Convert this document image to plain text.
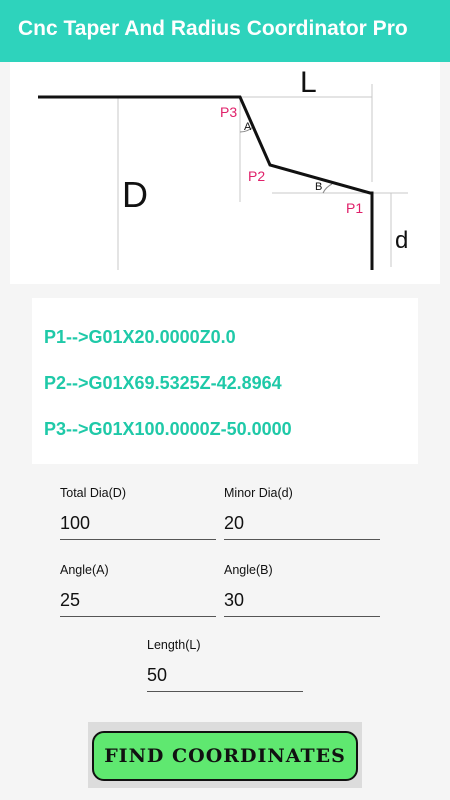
Cnc Taper And Radius Coordinator Pro
L
D
d
P3
P2
P1
A
B
P1-->G01X20.0000Z0.0
P2-->G01X69.5325Z-42.8964
P3-->G01X100.0000Z-50.0000
Total Dia(D)
100	Minor Dia(d)
20
Angle(A)
25	Angle(B)
30
Length(L)
50
FIND COORDINATES
